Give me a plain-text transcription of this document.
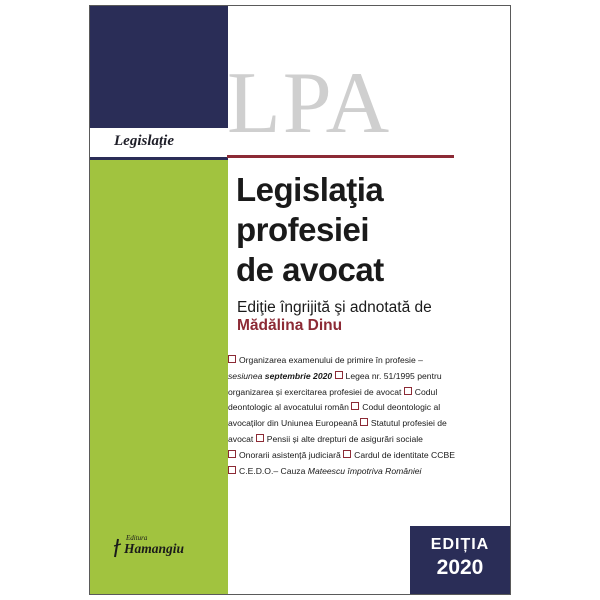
Legislație LPA
Legislaţia
profesiei
de avocat
Ediţie îngrijită şi adnotată de
Mădălina Dinu
Organizarea examenului de primire în profesie –
sesiunea septembrie 2020 Legea nr. 51/1995 pentru
organizarea și exercitarea profesiei de avocat Codul
deontologic al avocatului român Codul deontologic al
avocaților din Uniunea Europeană Statutul profesiei de
avocat Pensii și alte drepturi de asigurări sociale
Onorarii asistență judiciară Cardul de identitate CCBE
C.E.D.O.– Cauza Mateescu împotriva României
Editura
Hamangiu	EDIȚIA
2020
